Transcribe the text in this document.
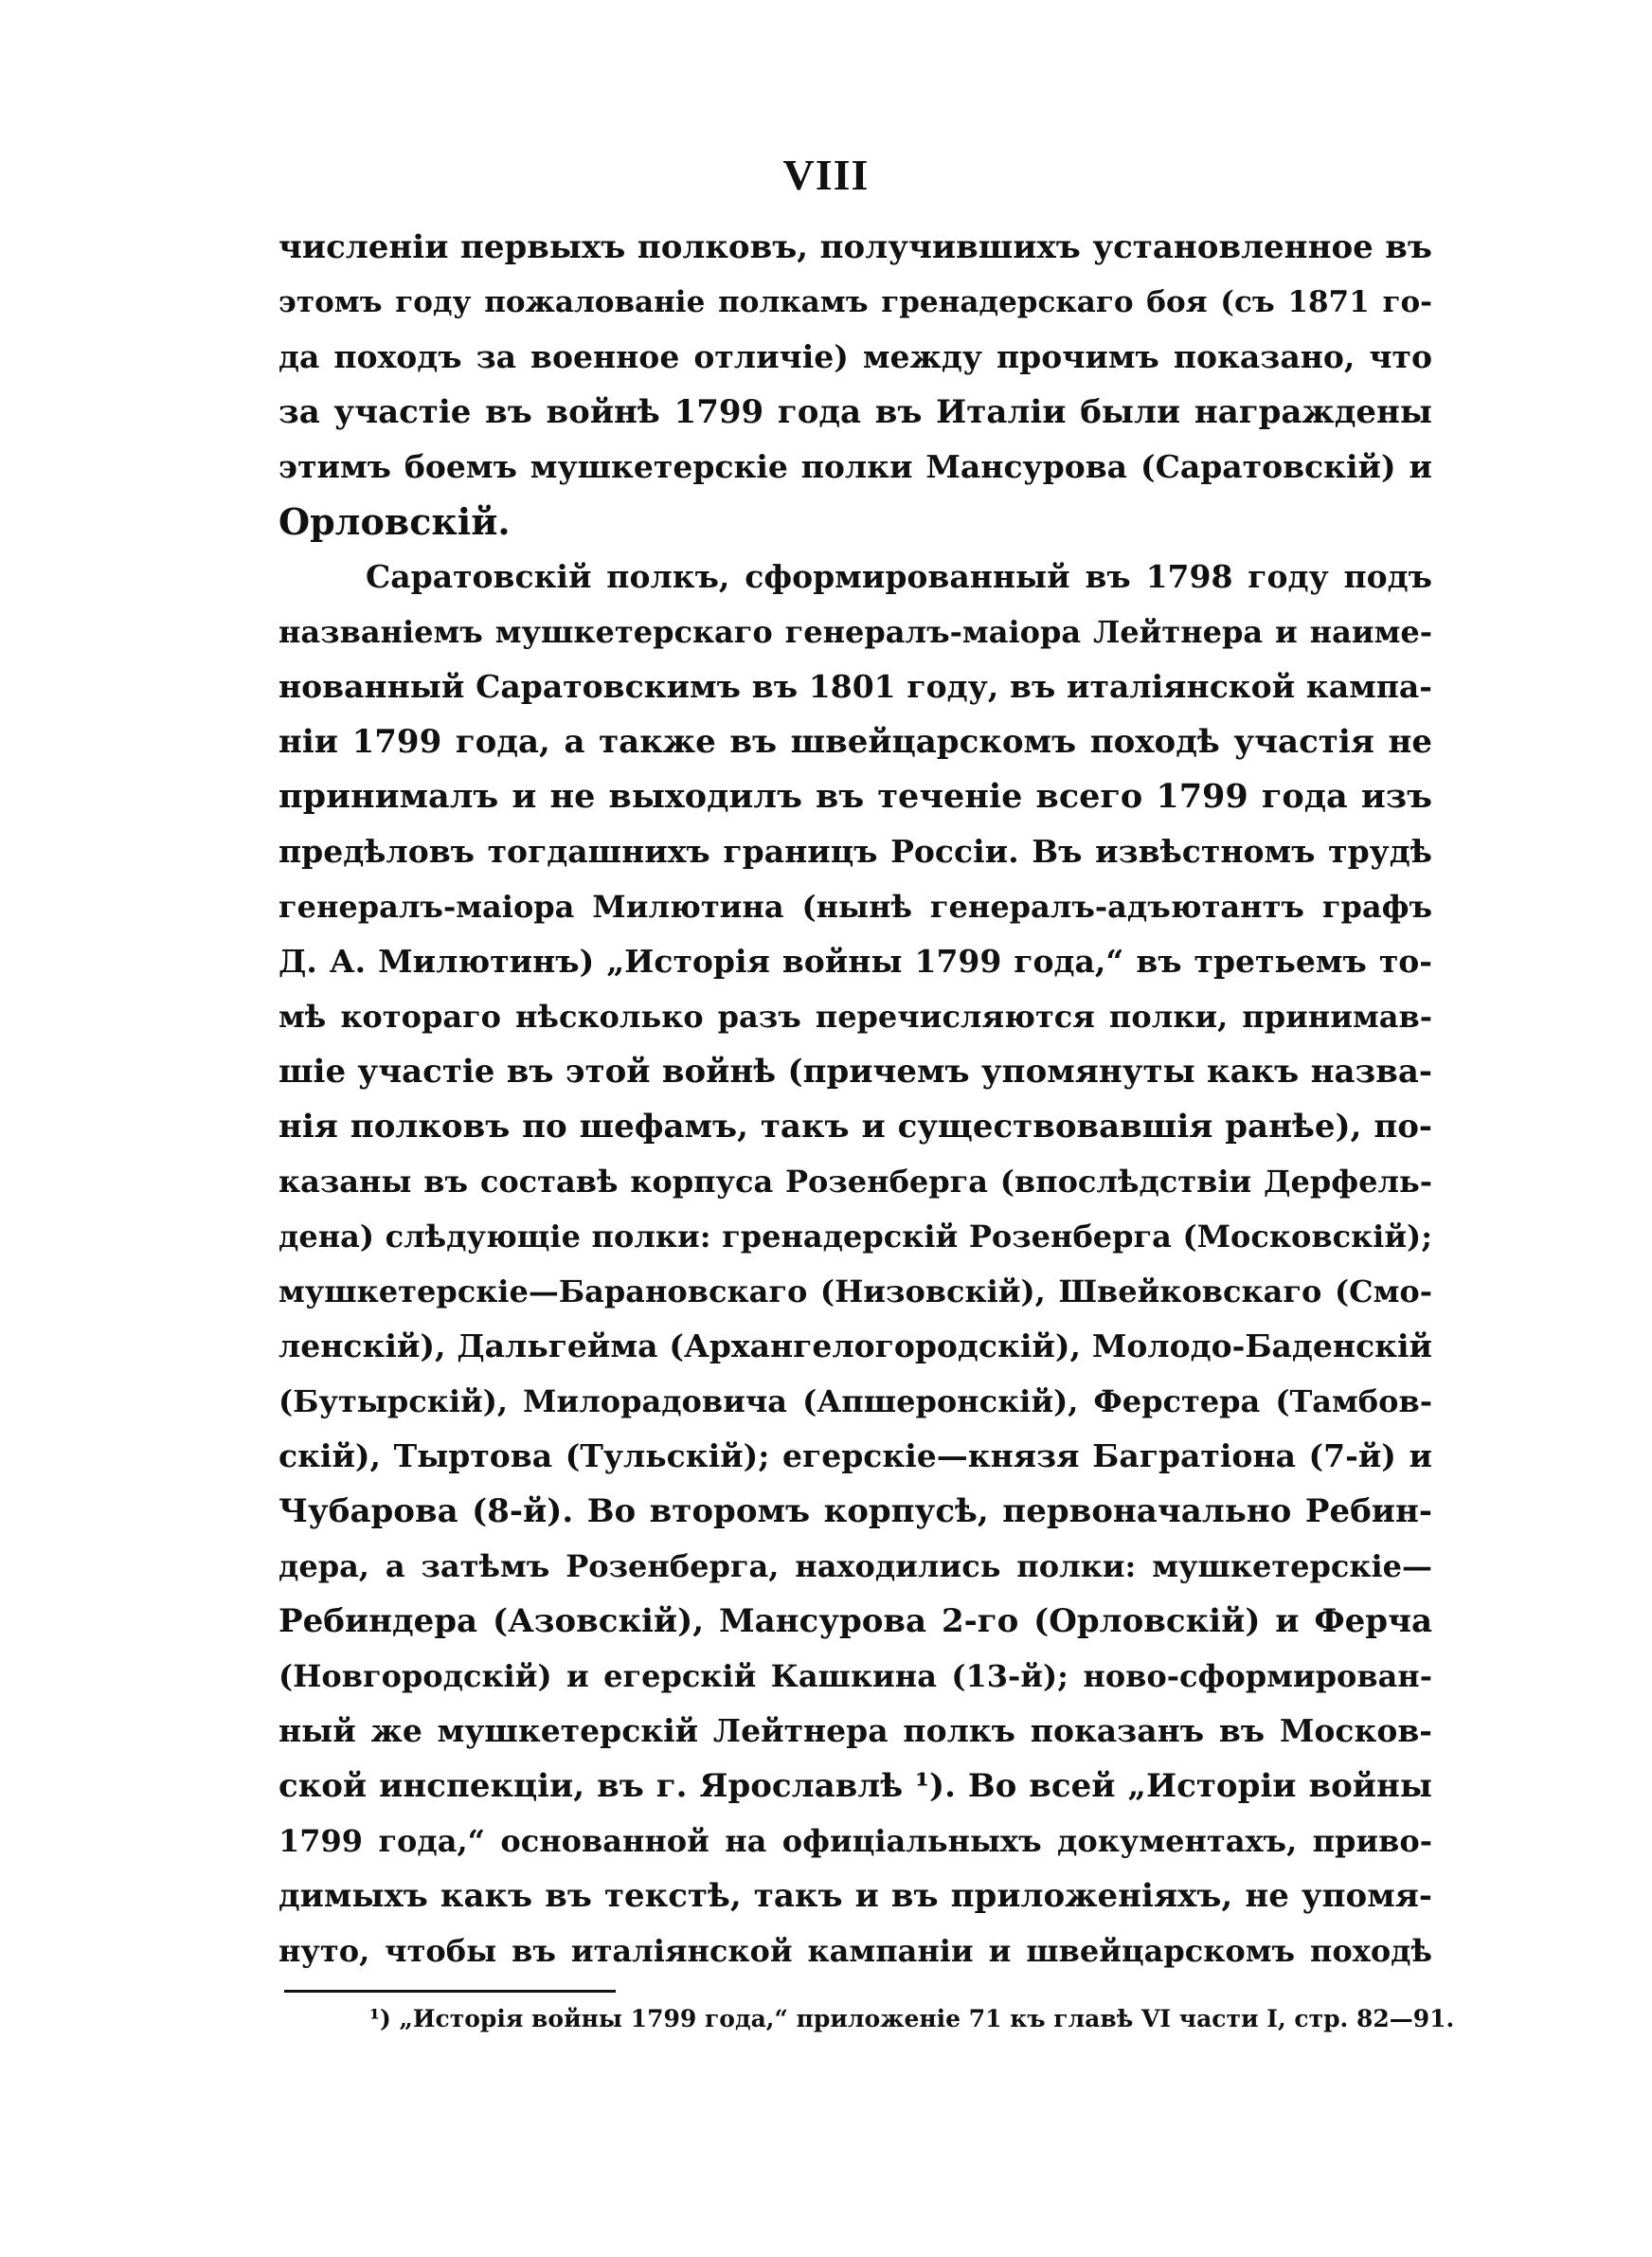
VIII
численіи первыхъ полковъ, получившихъ установленное въ
этомъ году пожалованіе полкамъ гренадерскаго боя (съ 1871 го-
да походъ за военное отличіе) между прочимъ показано, что
за участіе въ войнѣ 1799 года въ Италіи были награждены
этимъ боемъ мушкетерскіе полки Мансурова (Саратовскій) и
Орловскій.
Саратовскій полкъ, сформированный въ 1798 году подъ
названіемъ мушкетерскаго генералъ-маіора Лейтнера и наиме-
нованный Саратовскимъ въ 1801 году, въ италіянской кампа-
ніи 1799 года, а также въ швейцарскомъ походѣ участія не
принималъ и не выходилъ въ теченіе всего 1799 года изъ
предѣловъ тогдашнихъ границъ Россіи. Въ извѣстномъ трудѣ
генералъ-маіора Милютина (нынѣ генералъ-адъютантъ графъ
Д. А. Милютинъ) „Исторія войны 1799 года,“ въ третьемъ то-
мѣ котораго нѣсколько разъ перечисляются полки, принимав-
шіе участіе въ этой войнѣ (причемъ упомянуты какъ назва-
нія полковъ по шефамъ, такъ и существовавшія ранѣе), по-
казаны въ составѣ корпуса Розенберга (впослѣдствіи Дерфель-
дена) слѣдующіе полки: гренадерскій Розенберга (Московскій);
мушкетерскіе—Барановскаго (Низовскій), Швейковскаго (Смо-
ленскій), Дальгейма (Архангелогородскій), Молодо-Баденскій
(Бутырскій), Милорадовича (Апшеронскій), Ферстера (Тамбов-
скій), Тыртова (Тульскій); егерскіе—князя Багратіона (7-й) и
Чубарова (8-й). Во второмъ корпусѣ, первоначально Ребин-
дера, а затѣмъ Розенберга, находились полки: мушкетерскіе—
Ребиндера (Азовскій), Мансурова 2-го (Орловскій) и Ферча
(Новгородскій) и егерскій Кашкина (13-й); ново-сформирован-
ный же мушкетерскій Лейтнера полкъ показанъ въ Москов-
ской инспекціи, въ г. Ярославлѣ ¹). Во всей „Исторіи войны
1799 года,“ основанной на офиціальныхъ документахъ, приво-
димыхъ какъ въ текстѣ, такъ и въ приложеніяхъ, не упомя-
нуто, чтобы въ италіянской кампаніи и швейцарскомъ походѣ
¹) „Исторія войны 1799 года,“ приложеніе 71 къ главѣ VI части I, стр. 82—91.
